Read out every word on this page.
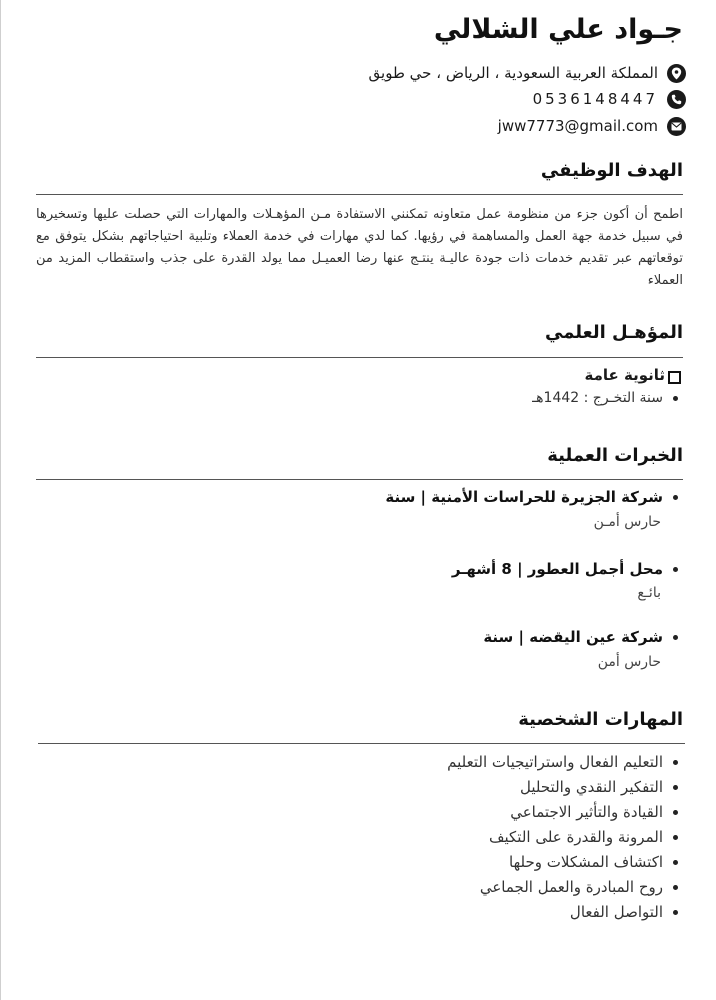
جـواد علي الشلالي
المملكة العربية السعودية ، الرياض ، حي طويق
0536148447
jww7773@gmail.com
الهدف الوظيفي

اطمح أن أكون جزء من منظومة عمل متعاونه تمكنني الاستفادة مـن المؤهـلات والمهارات التي حصلت عليها وتسخيرها في سبيل خدمة جهة العمل والمساهمة في رؤيها. كما لدي مهارات في خدمة العملاء وتلبية احتياجاتهم بشكل يتوفق مع توقعاتهم عبر تقديم خدمات ذات جودة عاليـة ينتـج عنها رضا العميـل مما يولد القدرة على جذب واستقطاب المزيد من العملاء

المؤهـل العلمي
ثانوية عامة
سنة التخـرج : 1442هـ
الخبرات العملية
شركة الجزيرة للحراسات الأمنية | سنة
حارس أمـن
محل أجمل العطور | 8 أشهـر
بائـع
شركة عين اليقضه | سنة
حارس أمن
المهارات الشخصية
التعليم الفعال واستراتيجيات التعليم
التفكير النقدي والتحليل
القيادة والتأثير الاجتماعي
المرونة والقدرة على التكيف
اكتشاف المشكلات وحلها
روح المبادرة والعمل الجماعي
التواصل الفعال
